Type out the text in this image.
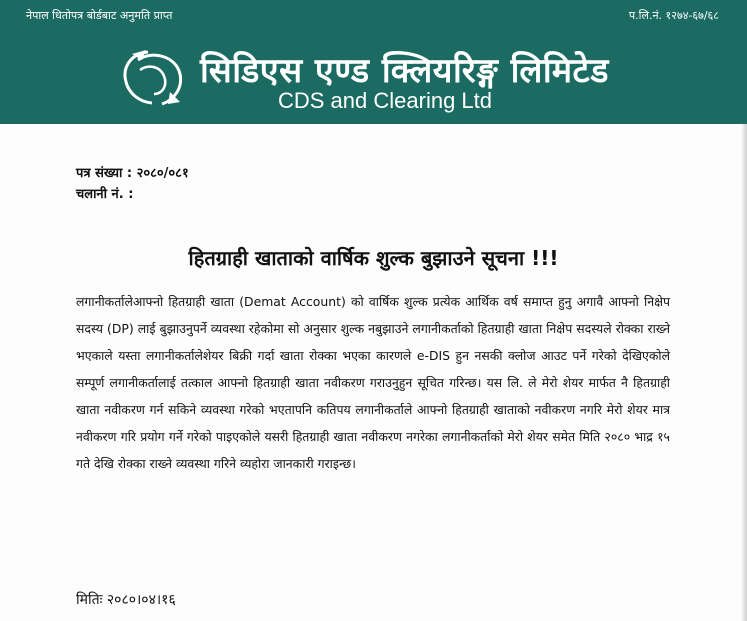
नेपाल धितोपत्र बोर्डबाट अनुमति प्राप्त	प.लि.नं. १२७४-६७/६८
सिडिएस एण्ड क्लियरिङ्ग लिमिटेड
CDS and Clearing Ltd
पत्र संख्या : २०८०/०८१
चलानी नं. :
हितग्राही खाताको वार्षिक शुल्क बुझाउने सूचना !!!
लगानीकर्तालेआफ्नो हितग्राही खाता (Demat Account) को वार्षिक शुल्क प्रत्येक आर्थिक वर्ष समाप्त हुनु अगावै आफ्नो निक्षेप सदस्य (DP) लाई बुझाउनुपर्ने व्यवस्था रहेकोमा सो अनुसार शुल्क नबुझाउने लगानीकर्ताको हितग्राही खाता निक्षेप सदस्यले रोक्का राख्ने भएकाले यस्ता लगानीकर्तालेशेयर बिक्री गर्दा खाता रोक्का भएका कारणले e-DIS हुन नसकी क्लोज आउट पर्ने गरेको देखिएकोले सम्पूर्ण लगानीकर्तालाई तत्काल आफ्नो हितग्राही खाता नवीकरण गराउनुहुन सूचित गरिन्छ। यस लि. ले मेरो शेयर मार्फत नै हितग्राही खाता नवीकरण गर्न सकिने व्यवस्था गरेको भएतापनि कतिपय लगानीकर्ताले आफ्नो हितग्राही खाताको नवीकरण नगरि मेरो शेयर मात्र नवीकरण गरि प्रयोग गर्ने गरेको पाइएकोले यसरी हितग्राही खाता नवीकरण नगरेका लगानीकर्ताको मेरो शेयर समेत मिति २०८० भाद्र १५ गते देखि रोक्का राख्ने व्यवस्था गरिने व्यहोरा जानकारी गराइन्छ।
मितिः २०८०।०४।१६
